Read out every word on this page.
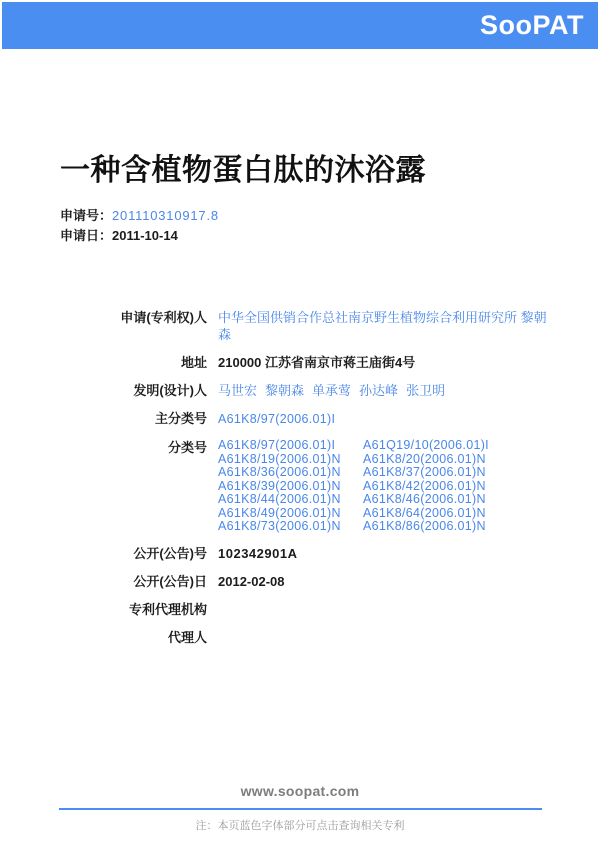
SooPAT
一种含植物蛋白肽的沐浴露
申请号：201110310917.8
申请日：2011-10-14
申请(专利权)人 中华全国供销合作总社南京野生植物综合利用研究所 黎朝森
地址 210000 江苏省南京市蒋王庙街4号
发明(设计)人 马世宏 黎朝森 单承莺 孙达峰 张卫明
主分类号 A61K8/97(2006.01)I
分类号 A61K8/97(2006.01)I	A61Q19/10(2006.01)I
A61K8/19(2006.01)N	A61K8/20(2006.01)N
A61K8/36(2006.01)N	A61K8/37(2006.01)N
A61K8/39(2006.01)N	A61K8/42(2006.01)N
A61K8/44(2006.01)N	A61K8/46(2006.01)N
A61K8/49(2006.01)N	A61K8/64(2006.01)N
A61K8/73(2006.01)N	A61K8/86(2006.01)N
公开(公告)号 102342901A
公开(公告)日 2012-02-08
专利代理机构
代理人
www.soopat.com
注：本页蓝色字体部分可点击查询相关专利
